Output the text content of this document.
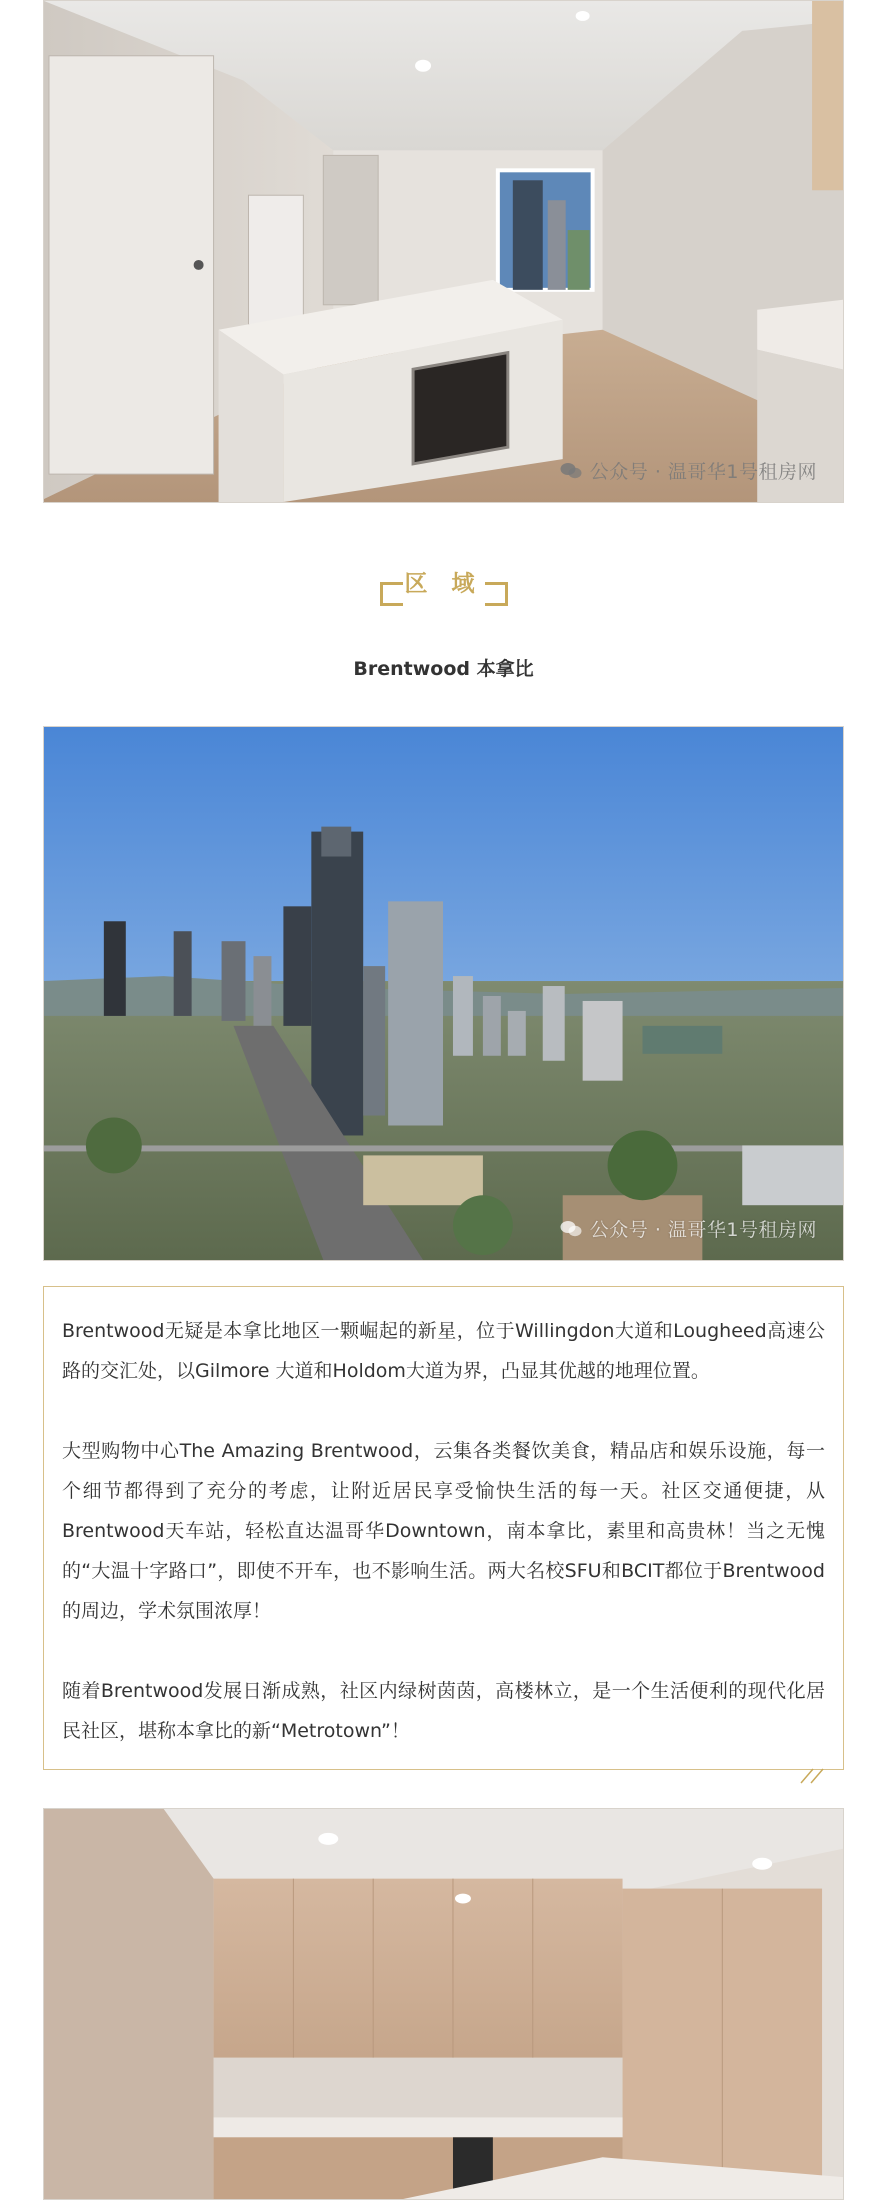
公众号 · 温哥华1号租房网
区 域
Brentwood 本拿比
公众号 · 温哥华1号租房网

Brentwood无疑是本拿比地区一颗崛起的新星，位于Willingdon大道和Lougheed高速公路的交汇处，以Gilmore 大道和Holdom大道为界，凸显其优越的地理位置。

大型购物中心The Amazing Brentwood，云集各类餐饮美食，精品店和娱乐设施，每一个细节都得到了充分的考虑，让附近居民享受愉快生活的每一天。社区交通便捷，从Brentwood天车站，轻松直达温哥华Downtown，南本拿比，素里和高贵林！当之无愧的“大温十字路口”，即使不开车，也不影响生活。两大名校SFU和BCIT都位于Brentwood的周边，学术氛围浓厚！

随着Brentwood发展日渐成熟，社区内绿树茵茵，高楼林立，是一个生活便利的现代化居民社区，堪称本拿比的新“Metrotown”！
